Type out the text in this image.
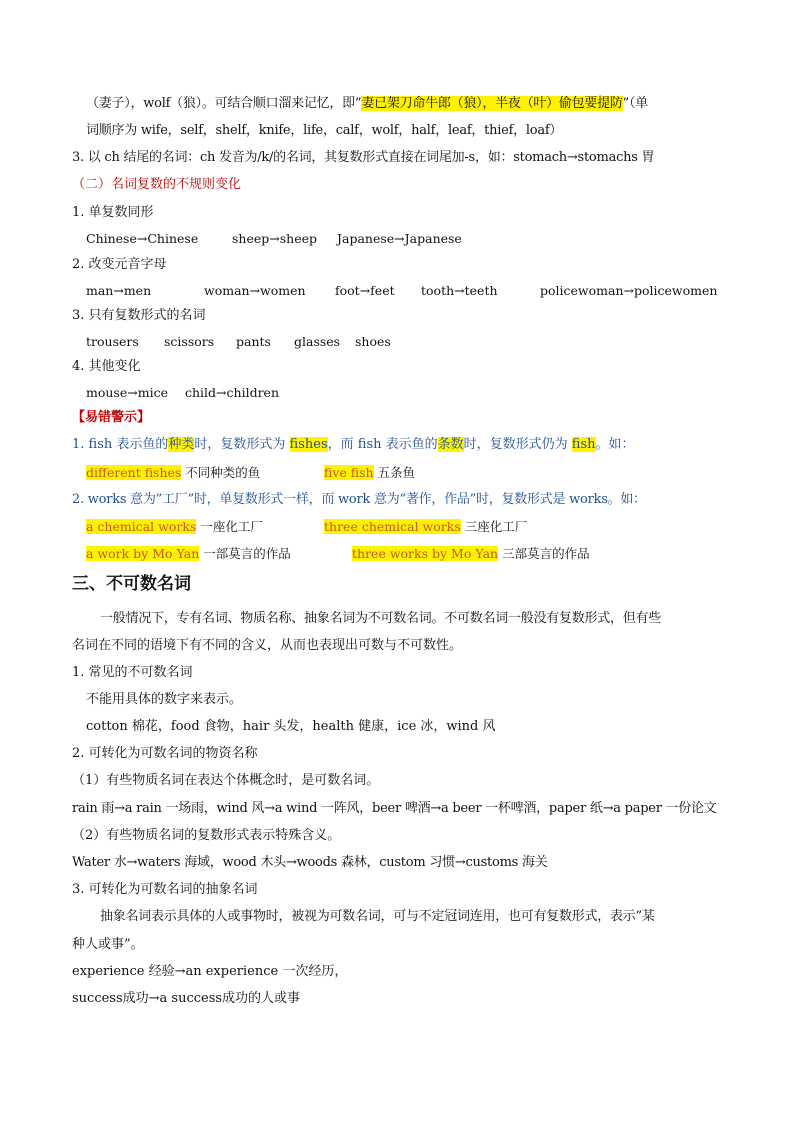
（妻子），wolf（狼）。可结合顺口溜来记忆，即”妻已架刀命牛郎（狼），半夜（叶）偷包要提防”（单
词顺序为 wife，self，shelf，knife，life，calf，wolf，half，leaf，thief，loaf）
3. 以 ch 结尾的名词：ch 发音为/k/的名词，其复数形式直接在词尾加-s，如：stomach→stomachs 胃
（二）名词复数的不规则变化
1. 单复数同形
Chinese→Chinese	sheep→sheep Japanese→Japanese
2. 改变元音字母
man→men	woman→women foot→feet tooth→teeth	policewoman→policewomen
3. 只有复数形式的名词
trousers scissors pants glasses shoes
4. 其他变化
mouse→mice child→children
【易错警示】
1. fish 表示鱼的种类时，复数形式为 fishes，而 fish 表示鱼的条数时，复数形式仍为 fish。如：
different fishes 不同种类的鱼	five fish 五条鱼
2. works 意为”工厂”时，单复数形式一样，而 work 意为”著作，作品”时，复数形式是 works。如：
a chemical works 一座化工厂	three chemical works 三座化工厂
a work by Mo Yan 一部莫言的作品	three works by Mo Yan 三部莫言的作品
三、不可数名词
一般情况下，专有名词、物质名称、抽象名词为不可数名词。不可数名词一般没有复数形式，但有些
名词在不同的语境下有不同的含义，从而也表现出可数与不可数性。
1. 常见的不可数名词
不能用具体的数字来表示。
cotton 棉花，food 食物，hair 头发，health 健康，ice 冰，wind 风
2. 可转化为可数名词的物资名称
（1）有些物质名词在表达个体概念时，是可数名词。
rain 雨→a rain 一场雨，wind 风→a wind 一阵风，beer 啤酒→a beer 一杯啤酒，paper 纸→a paper 一份论文
（2）有些物质名词的复数形式表示特殊含义。
Water 水→waters 海域，wood 木头→woods 森林，custom 习惯→customs 海关
3. 可转化为可数名词的抽象名词
抽象名词表示具体的人或事物时，被视为可数名词，可与不定冠词连用，也可有复数形式，表示”某
种人或事”。
experience 经验→an experience 一次经历，
success成功→a success成功的人或事
